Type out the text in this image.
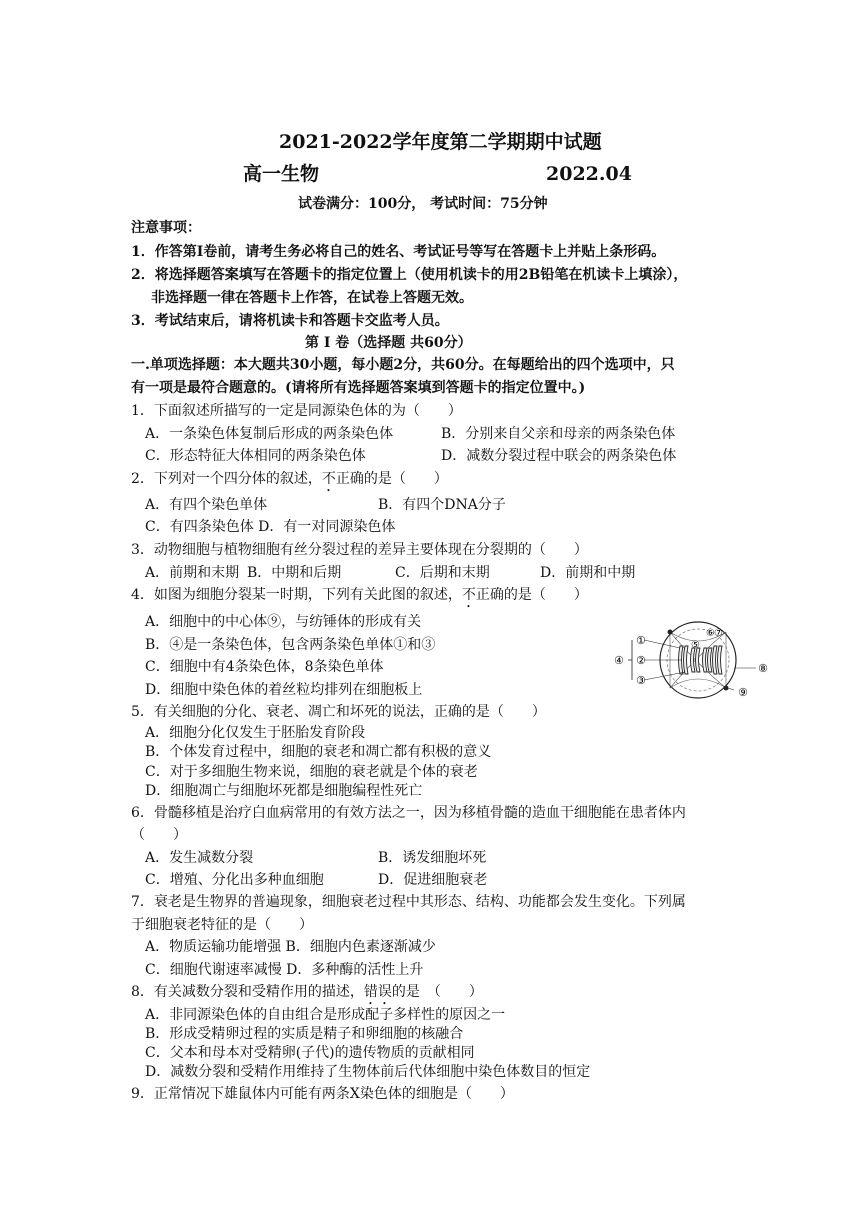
2021-2022学年度第二学期期中试题
高一生物	2022.04
试卷满分：100分， 考试时间：75分钟
注意事项：
1．作答第Ⅰ卷前，请考生务必将自己的姓名、考试证号等写在答题卡上并贴上条形码。
2．将选择题答案填写在答题卡的指定位置上（使用机读卡的用2B铅笔在机读卡上填涂），
非选择题一律在答题卡上作答，在试卷上答题无效。
3．考试结束后，请将机读卡和答题卡交监考人员。
第 Ⅰ 卷（选择题 共60分）
一.单项选择题：本大题共30小题，每小题2分，共60分。在每题给出的四个选项中，只
有一项是最符合题意的。(请将所有选择题答案填到答题卡的指定位置中。)
1．下面叙述所描写的一定是同源染色体的为（　　）
A．一条染色体复制后形成的两条染色体	B．分别来自父亲和母亲的两条染色体
C．形态特征大体相同的两条染色体	D．减数分裂过程中联会的两条染色体
2．下列对一个四分体的叙述，不正确的是（　　）
A．有四个染色单体	B．有四个DNA分子
C．有四条染色体 D．有一对同源染色体
3．动物细胞与植物细胞有丝分裂过程的差异主要体现在分裂期的（　　）
A．前期和末期 B．中期和后期	C．后期和末期	D．前期和中期
4．如图为细胞分裂某一时期，下列有关此图的叙述，不正确的是（　　）
A．细胞中的中心体⑨，与纺锤体的形成有关
B．④是一条染色体，包含两条染色单体①和③
C．细胞中有4条染色体，8条染色单体
D．细胞中染色体的着丝粒均排列在细胞板上
①
②
③
④
⑤
⑥ ⑦
⑧
⑨
5．有关细胞的分化、衰老、凋亡和坏死的说法，正确的是（　　）
A．细胞分化仅发生于胚胎发育阶段
B．个体发育过程中，细胞的衰老和凋亡都有积极的意义
C．对于多细胞生物来说，细胞的衰老就是个体的衰老
D．细胞凋亡与细胞坏死都是细胞编程性死亡
6．骨髓移植是治疗白血病常用的有效方法之一，因为移植骨髓的造血干细胞能在患者体内
（　　）
A．发生减数分裂	B．诱发细胞坏死
C．增殖、分化出多种血细胞	D．促进细胞衰老
7．衰老是生物界的普遍现象，细胞衰老过程中其形态、结构、功能都会发生变化。下列属
于细胞衰老特征的是（　　）
A．物质运输功能增强 B．细胞内色素逐渐减少
C．细胞代谢速率减慢 D．多种酶的活性上升
8．有关减数分裂和受精作用的描述，错误的是　（　　）
A．非同源染色体的自由组合是形成配子多样性的原因之一
B．形成受精卵过程的实质是精子和卵细胞的核融合
C．父本和母本对受精卵(子代)的遗传物质的贡献相同
D．减数分裂和受精作用维持了生物体前后代体细胞中染色体数目的恒定
9．正常情况下雄鼠体内可能有两条X染色体的细胞是（　　）
